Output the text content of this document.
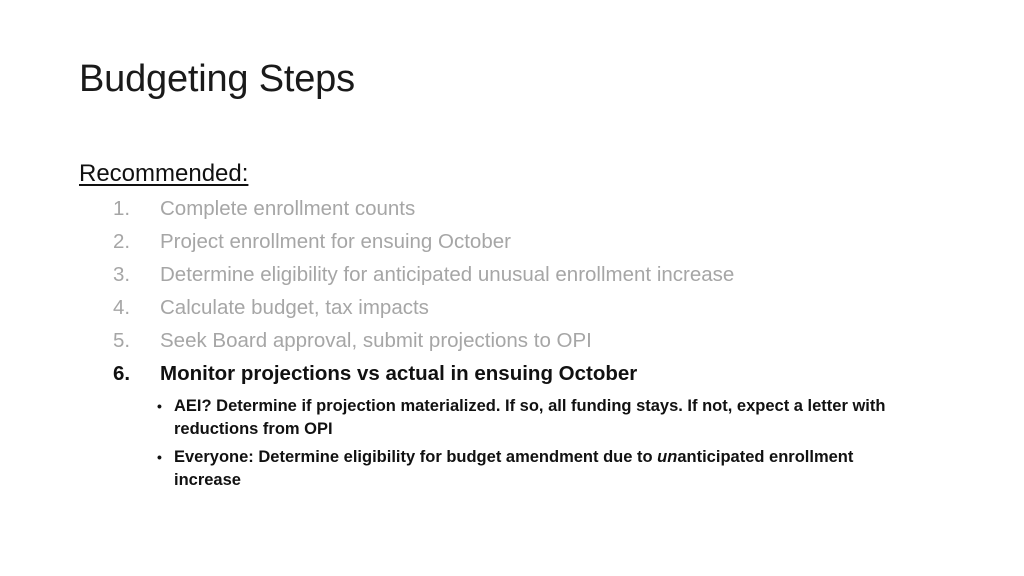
Budgeting Steps
Recommended:
1.	Complete enrollment counts
2.	Project enrollment for ensuing October
3.	Determine eligibility for anticipated unusual enrollment increase
4.	Calculate budget, tax impacts
5.	Seek Board approval, submit projections to OPI
6.	Monitor projections vs actual in ensuing October
• AEI? Determine if projection materialized. If so, all funding stays. If not, expect a letter with reductions from OPI
• Everyone: Determine eligibility for budget amendment due to unanticipated enrollment increase
